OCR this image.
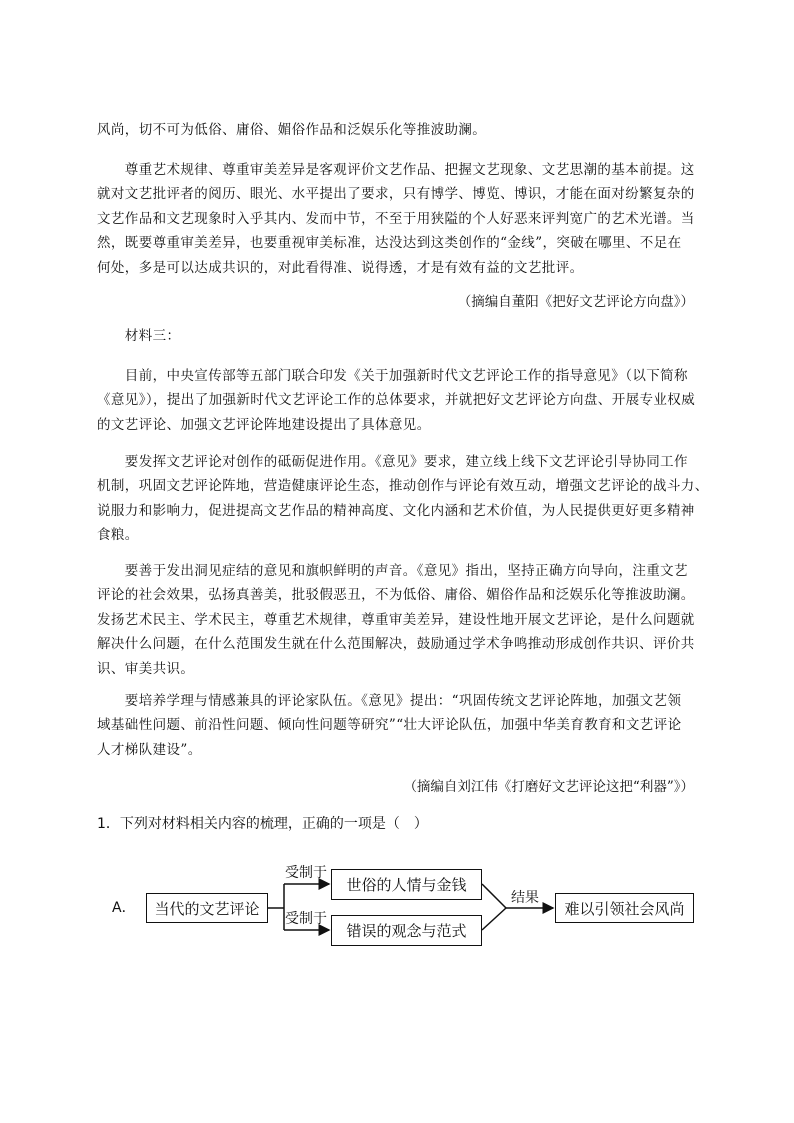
风尚，切不可为低俗、庸俗、媚俗作品和泛娱乐化等推波助澜。
　　尊重艺术规律、尊重审美差异是客观评价文艺作品、把握文艺现象、文艺思潮的基本前提。这
就对文艺批评者的阅历、眼光、水平提出了要求，只有博学、博览、博识，才能在面对纷繁复杂的
文艺作品和文艺现象时入乎其内、发而中节，不至于用狭隘的个人好恶来评判宽广的艺术光谱。当
然，既要尊重审美差异，也要重视审美标准，达没达到这类创作的“金线”，突破在哪里、不足在
何处，多是可以达成共识的，对此看得准、说得透，才是有效有益的文艺批评。
（摘编自董阳《把好文艺评论方向盘》）
　　材料三：
　　目前，中央宣传部等五部门联合印发《关于加强新时代文艺评论工作的指导意见》（以下简称
《意见》），提出了加强新时代文艺评论工作的总体要求，并就把好文艺评论方向盘、开展专业权威
的文艺评论、加强文艺评论阵地建设提出了具体意见。
　　要发挥文艺评论对创作的砥砺促进作用。《意见》要求，建立线上线下文艺评论引导协同工作
机制，巩固文艺评论阵地，营造健康评论生态，推动创作与评论有效互动，增强文艺评论的战斗力、
说服力和影响力，促进提高文艺作品的精神高度、文化内涵和艺术价值，为人民提供更好更多精神
食粮。
　　要善于发出洞见症结的意见和旗帜鲜明的声音。《意见》指出，坚持正确方向导向，注重文艺
评论的社会效果，弘扬真善美，批驳假恶丑，不为低俗、庸俗、媚俗作品和泛娱乐化等推波助澜。
发扬艺术民主、学术民主，尊重艺术规律，尊重审美差异，建设性地开展文艺评论，是什么问题就
解决什么问题，在什么范围发生就在什么范围解决，鼓励通过学术争鸣推动形成创作共识、评价共
识、审美共识。
　　要培养学理与情感兼具的评论家队伍。《意见》提出：“巩固传统文艺评论阵地，加强文艺领
域基础性问题、前沿性问题、倾向性问题等研究”“壮大评论队伍，加强中华美育教育和文艺评论
人才梯队建设”。
（摘编自刘江伟《打磨好文艺评论这把“利器”》）
1．下列对材料相关内容的梳理，正确的一项是（　）
A．	当代的文艺评论
受制于
受制于
世俗的人情与金钱
错误的观念与范式
结果
难以引领社会风尚
